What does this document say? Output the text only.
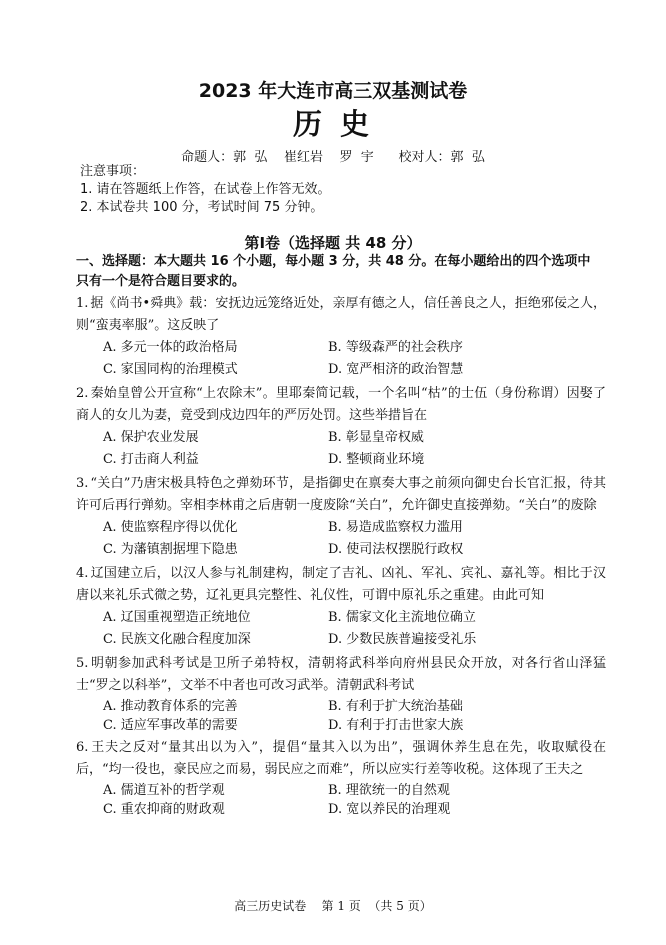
2023 年大连市高三双基测试卷
历 史
命题人：郭  弘    崔红岩    罗  宇      校对人：郭  弘
注意事项：
1. 请在答题纸上作答，在试卷上作答无效。
2. 本试卷共 100 分，考试时间 75 分钟。
第Ⅰ卷（选择题 共 48 分）
一、选择题：本大题共 16 个小题，每小题 3 分，共 48 分。在每小题给出的四个选项中只有一个是符合题目要求的。
1. 据《尚书•舜典》载：安抚边远笼络近处，亲厚有德之人，信任善良之人，拒绝邪佞之人，则“蛮夷率服”。这反映了
A. 多元一体的政治格局	B. 等级森严的社会秩序
C. 家国同构的治理模式	D. 宽严相济的政治智慧
2. 秦始皇曾公开宣称“上农除末”。里耶秦简记载，一个名叫“枯”的士伍（身份称谓）因娶了商人的女儿为妻，竟受到戍边四年的严厉处罚。这些举措旨在
A. 保护农业发展	B. 彰显皇帝权威
C. 打击商人利益	D. 整顿商业环境
3. “关白”乃唐宋极具特色之弹劾环节，是指御史在禀奏大事之前须向御史台长官汇报，待其许可后再行弹劾。宰相李林甫之后唐朝一度废除“关白”，允许御史直接弹劾。“关白”的废除
A. 使监察程序得以优化	B. 易造成监察权力滥用
C. 为藩镇割据埋下隐患	D. 使司法权摆脱行政权
4. 辽国建立后，以汉人参与礼制建构，制定了吉礼、凶礼、军礼、宾礼、嘉礼等。相比于汉唐以来礼乐式微之势，辽礼更具完整性、礼仪性，可谓中原礼乐之重建。由此可知
A. 辽国重视塑造正统地位	B. 儒家文化主流地位确立
C. 民族文化融合程度加深	D. 少数民族普遍接受礼乐
5. 明朝参加武科考试是卫所子弟特权，清朝将武科举向府州县民众开放，对各行省山泽猛士“罗之以科举”，文举不中者也可改习武举。清朝武科考试
A. 推动教育体系的完善	B. 有利于扩大统治基础
C. 适应军事改革的需要	D. 有利于打击世家大族
6. 王夫之反对“量其出以为入”，提倡“量其入以为出”，强调休养生息在先，收取赋役在后，“均一役也，豪民应之而易，弱民应之而难”，所以应实行差等收税。这体现了王夫之
A. 儒道互补的哲学观	B. 理欲统一的自然观
C. 重农抑商的财政观	D. 宽以养民的治理观
高三历史试卷    第 1 页  （共 5 页）
